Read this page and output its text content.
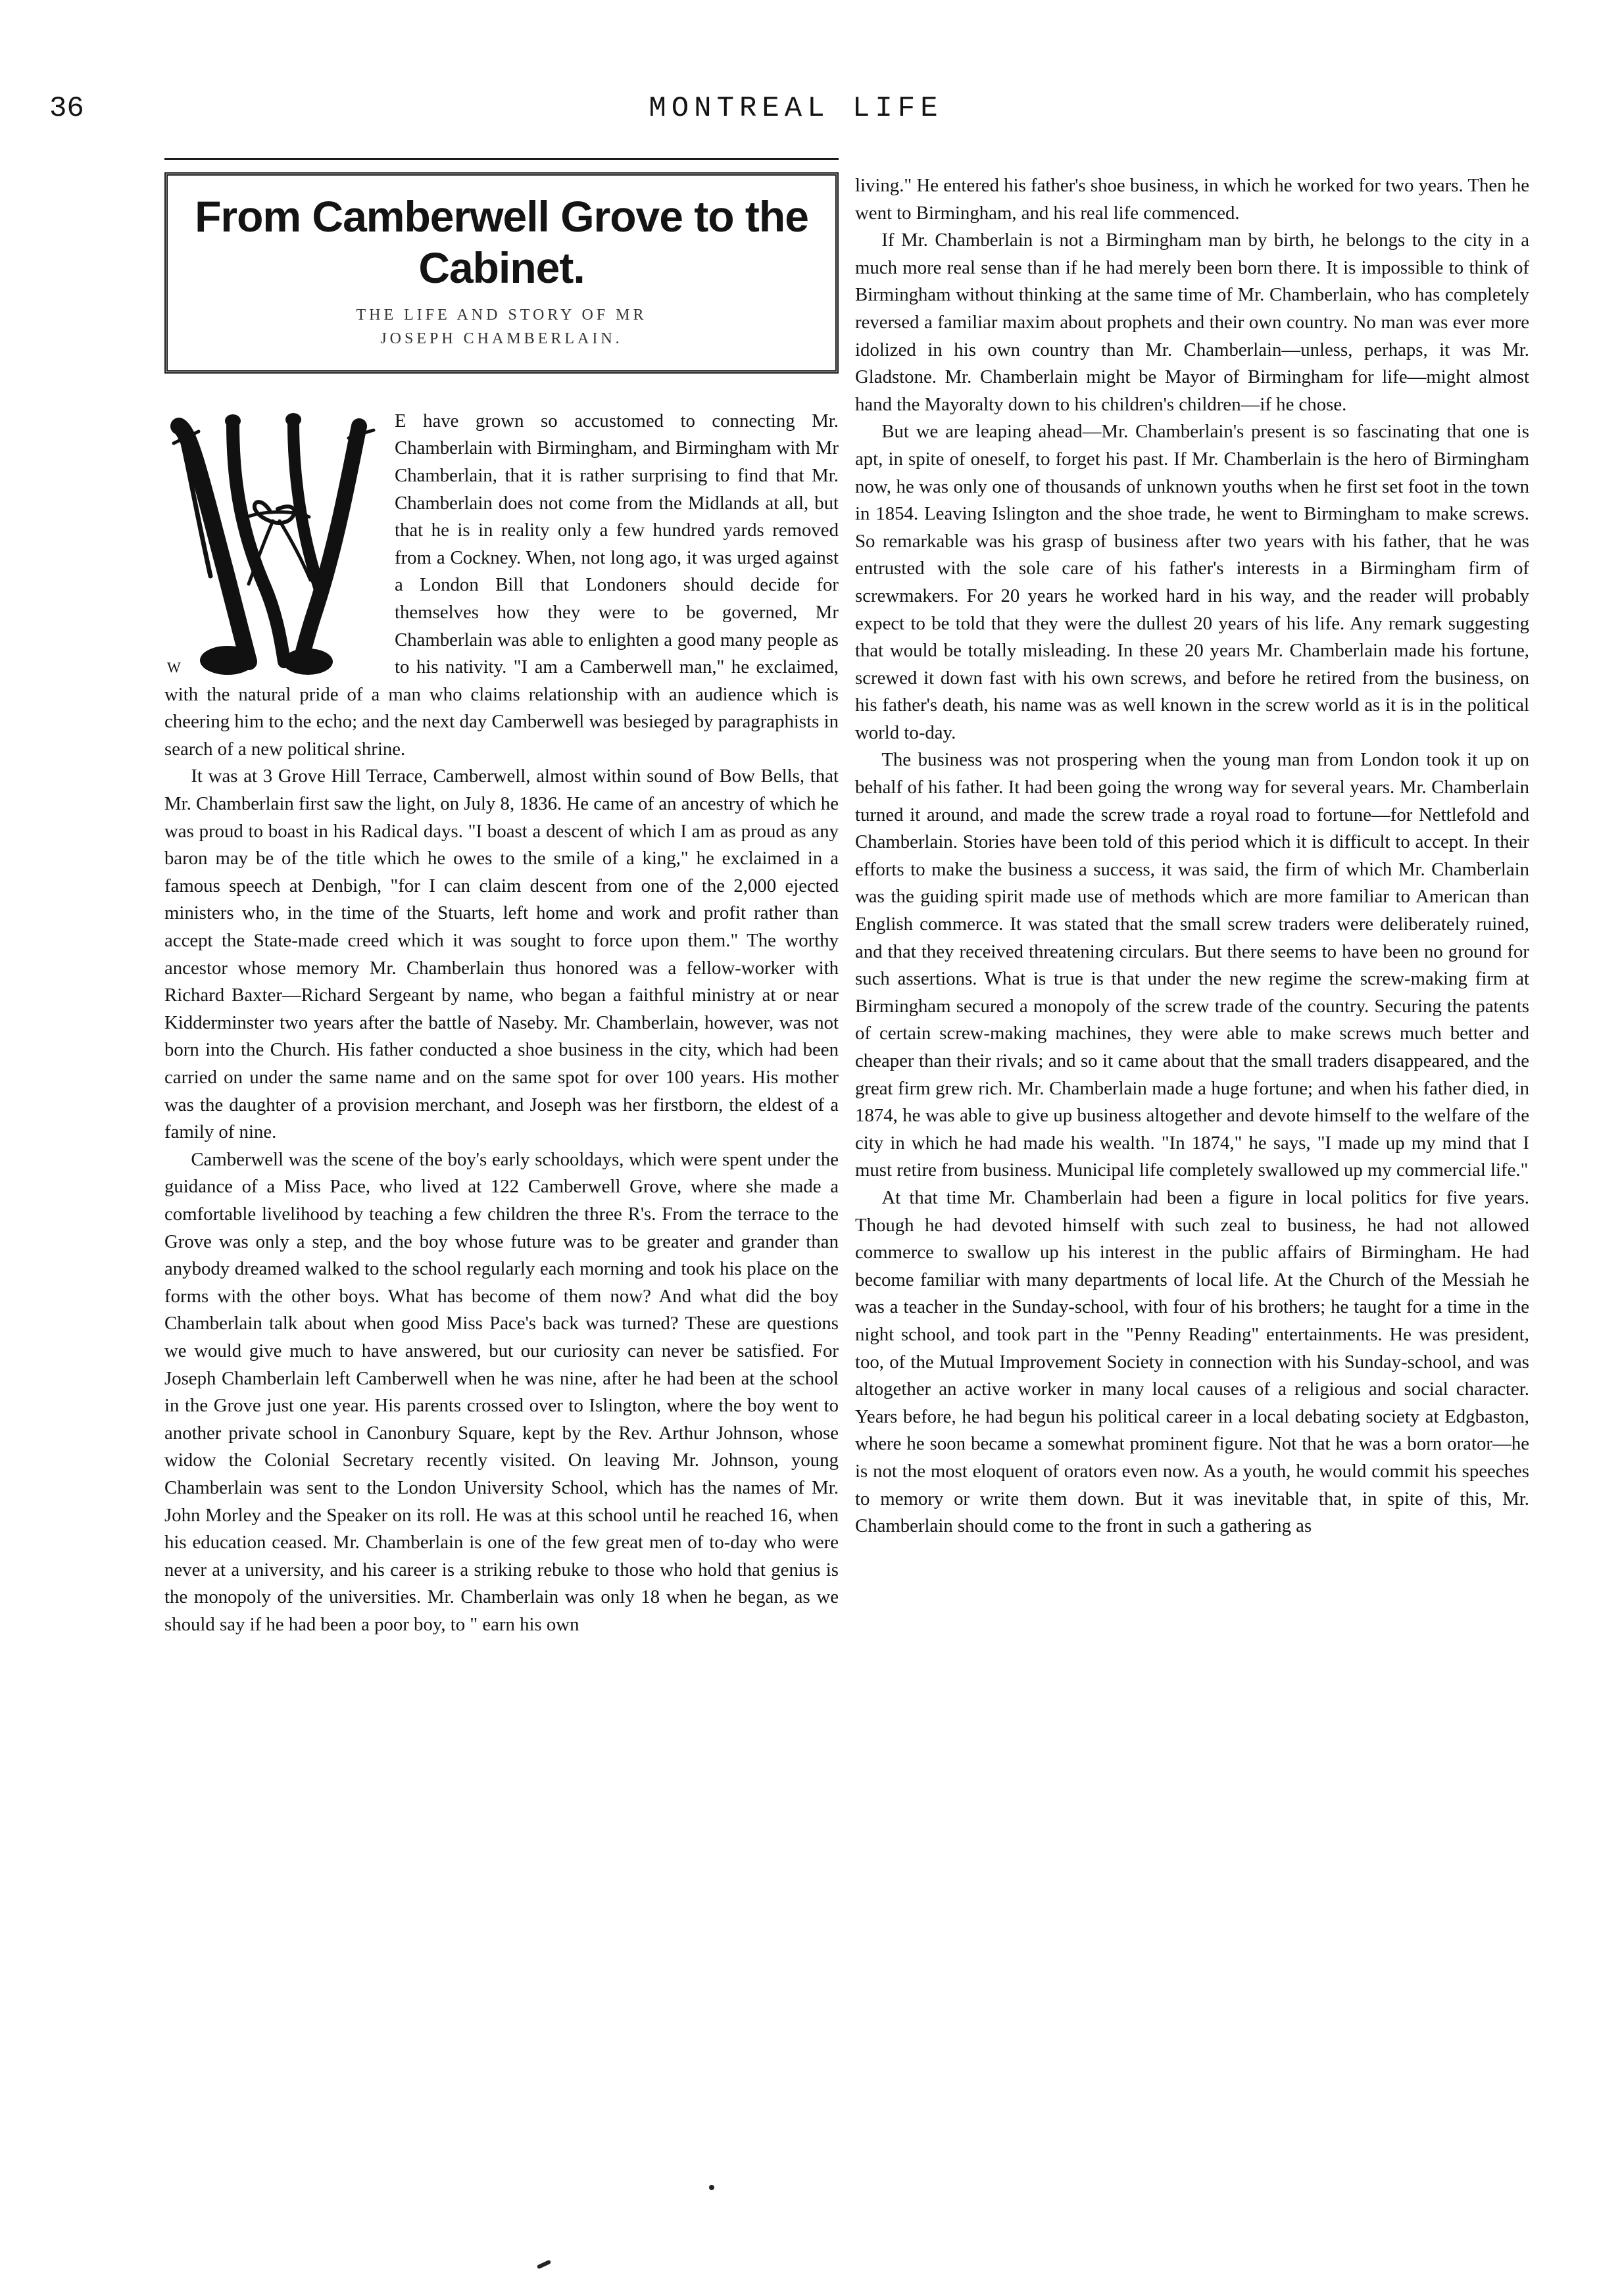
36	MONTREAL LIFE
From Camberwell Grove to the Cabinet.
THE LIFE AND STORY OF MR
JOSEPH CHAMBERLAIN.
W

E have grown so accustomed to connecting Mr. Chamberlain with Birmingham, and Birmingham with Mr Chamberlain, that it is rather surprising to find that Mr. Chamberlain does not come from the Midlands at all, but that he is in reality only a few hundred yards removed from a Cockney. When, not long ago, it was urged against a London Bill that Londoners should decide for themselves how they were to be governed, Mr Chamberlain was able to enlighten a good many people as to his nativity. "I am a Camberwell man," he exclaimed, with the natural pride of a man who claims relationship with an audience which is cheering him to the echo; and the next day Camberwell was besieged by paragraphists in search of a new political shrine.

It was at 3 Grove Hill Terrace, Camberwell, almost within sound of Bow Bells, that Mr. Chamberlain first saw the light, on July 8, 1836. He came of an ancestry of which he was proud to boast in his Radical days. "I boast a descent of which I am as proud as any baron may be of the title which he owes to the smile of a king," he exclaimed in a famous speech at Denbigh, "for I can claim descent from one of the 2,000 ejected ministers who, in the time of the Stuarts, left home and work and profit rather than accept the State-made creed which it was sought to force upon them." The worthy ancestor whose memory Mr. Chamberlain thus honored was a fellow-worker with Richard Baxter—Richard Sergeant by name, who began a faithful ministry at or near Kidderminster two years after the battle of Naseby. Mr. Chamberlain, however, was not born into the Church. His father conducted a shoe business in the city, which had been carried on under the same name and on the same spot for over 100 years. His mother was the daughter of a provision merchant, and Joseph was her firstborn, the eldest of a family of nine.

Camberwell was the scene of the boy's early schooldays, which were spent under the guidance of a Miss Pace, who lived at 122 Camberwell Grove, where she made a comfortable livelihood by teaching a few children the three R's. From the terrace to the Grove was only a step, and the boy whose future was to be greater and grander than anybody dreamed walked to the school regularly each morning and took his place on the forms with the other boys. What has become of them now? And what did the boy Chamberlain talk about when good Miss Pace's back was turned? These are questions we would give much to have answered, but our curiosity can never be satisfied. For Joseph Chamberlain left Camberwell when he was nine, after he had been at the school in the Grove just one year. His parents crossed over to Islington, where the boy went to another private school in Canonbury Square, kept by the Rev. Arthur Johnson, whose widow the Colonial Secretary recently visited. On leaving Mr. Johnson, young Chamberlain was sent to the London University School, which has the names of Mr. John Morley and the Speaker on its roll. He was at this school until he reached 16, when his education ceased. Mr. Chamberlain is one of the few great men of to-day who were never at a university, and his career is a striking rebuke to those who hold that genius is the monopoly of the universities. Mr. Chamberlain was only 18 when he began, as we should say if he had been a poor boy, to " earn his own

living." He entered his father's shoe business, in which he worked for two years. Then he went to Birmingham, and his real life commenced.

If Mr. Chamberlain is not a Birmingham man by birth, he belongs to the city in a much more real sense than if he had merely been born there. It is impossible to think of Birmingham without thinking at the same time of Mr. Chamberlain, who has completely reversed a familiar maxim about prophets and their own country. No man was ever more idolized in his own country than Mr. Chamberlain—unless, perhaps, it was Mr. Gladstone. Mr. Chamberlain might be Mayor of Birmingham for life—might almost hand the Mayoralty down to his children's children—if he chose.

But we are leaping ahead—Mr. Chamberlain's present is so fascinating that one is apt, in spite of oneself, to forget his past. If Mr. Chamberlain is the hero of Birmingham now, he was only one of thousands of unknown youths when he first set foot in the town in 1854. Leaving Islington and the shoe trade, he went to Birmingham to make screws. So remarkable was his grasp of business after two years with his father, that he was entrusted with the sole care of his father's interests in a Birmingham firm of screwmakers. For 20 years he worked hard in his way, and the reader will probably expect to be told that they were the dullest 20 years of his life. Any remark suggesting that would be totally misleading. In these 20 years Mr. Chamberlain made his fortune, screwed it down fast with his own screws, and before he retired from the business, on his father's death, his name was as well known in the screw world as it is in the political world to-day.

The business was not prospering when the young man from London took it up on behalf of his father. It had been going the wrong way for several years. Mr. Chamberlain turned it around, and made the screw trade a royal road to fortune—for Nettlefold and Chamberlain. Stories have been told of this period which it is difficult to accept. In their efforts to make the business a success, it was said, the firm of which Mr. Chamberlain was the guiding spirit made use of methods which are more familiar to American than English commerce. It was stated that the small screw traders were deliberately ruined, and that they received threatening circulars. But there seems to have been no ground for such assertions. What is true is that under the new regime the screw-making firm at Birmingham secured a monopoly of the screw trade of the country. Securing the patents of certain screw-making machines, they were able to make screws much better and cheaper than their rivals; and so it came about that the small traders disappeared, and the great firm grew rich. Mr. Chamberlain made a huge fortune; and when his father died, in 1874, he was able to give up business altogether and devote himself to the welfare of the city in which he had made his wealth. "In 1874," he says, "I made up my mind that I must retire from business. Municipal life completely swallowed up my commercial life."

At that time Mr. Chamberlain had been a figure in local politics for five years. Though he had devoted himself with such zeal to business, he had not allowed commerce to swallow up his interest in the public affairs of Birmingham. He had become familiar with many departments of local life. At the Church of the Messiah he was a teacher in the Sunday-school, with four of his brothers; he taught for a time in the night school, and took part in the "Penny Reading" entertainments. He was president, too, of the Mutual Improvement Society in connection with his Sunday-school, and was altogether an active worker in many local causes of a religious and social character. Years before, he had begun his political career in a local debating society at Edgbaston, where he soon became a somewhat prominent figure. Not that he was a born orator—he is not the most eloquent of orators even now. As a youth, he would commit his speeches to memory or write them down. But it was inevitable that, in spite of this, Mr. Chamberlain should come to the front in such a gathering as
